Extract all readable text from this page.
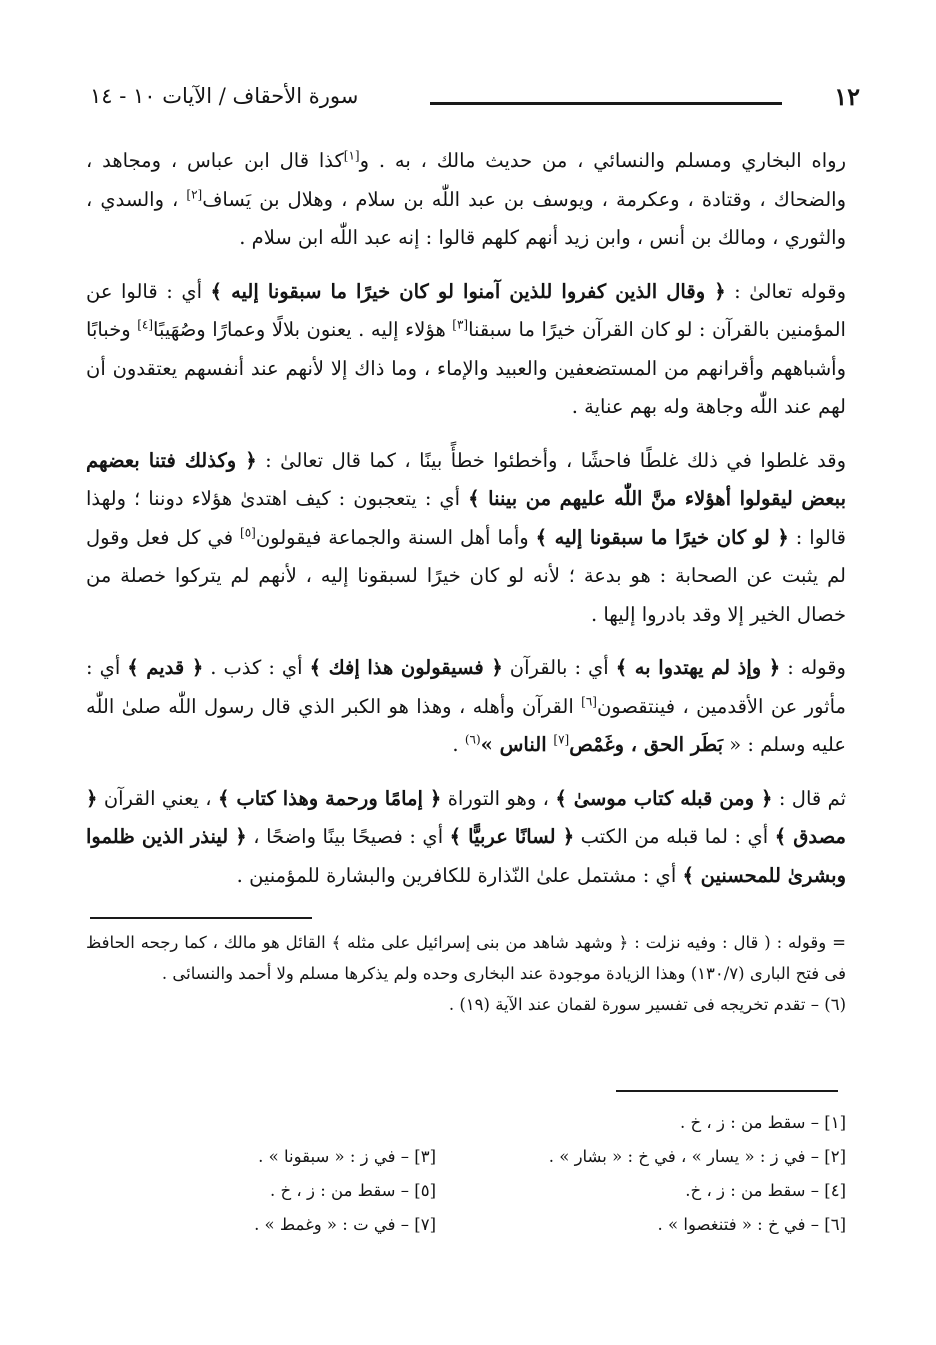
١٢
سورة الأحقاف / الآيات ١٠ - ١٤

رواه البخاري ومسلم والنسائي ، من حديث مالك ، به . و[١]كذا قال ابن عباس ، ومجاهد ، والضحاك ، وقتادة ، وعكرمة ، ويوسف بن عبد اللّٰه بن سلام ، وهلال بن يَساف[٢] ، والسدي ، والثوري ، ومالك بن أنس ، وابن زيد أنهم كلهم قالوا : إنه عبد اللّٰه ابن سلام .

وقوله تعالىٰ : ﴿ وقال الذين كفروا للذين آمنوا لو كان خيرًا ما سبقونا إليه ﴾ أي : قالوا عن المؤمنين بالقرآن : لو كان القرآن خيرًا ما سبقنا[٣] هؤلاء إليه . يعنون بلالًا وعمارًا وصُهَيبًا[٤] وخبابًا وأشباههم وأقرانهم من المستضعفين والعبيد والإماء ، وما ذاك إلا لأنهم عند أنفسهم يعتقدون أن لهم عند اللّٰه وجاهة وله بهم عناية .

وقد غلطوا في ذلك غلطًا فاحشًا ، وأخطئوا خطأً بينًا ، كما قال تعالىٰ : ﴿ وكذلك فتنا بعضهم ببعض ليقولوا أهؤلاء منَّ اللّٰه عليهم من بيننا ﴾ أي : يتعجبون : كيف اهتدىٰ هؤلاء دوننا ؛ ولهذا قالوا : ﴿ لو كان خيرًا ما سبقونا إليه ﴾ وأما أهل السنة والجماعة فيقولون[٥] في كل فعل وقول لم يثبت عن الصحابة : هو بدعة ؛ لأنه لو كان خيرًا لسبقونا إليه ، لأنهم لم يتركوا خصلة من خصال الخير إلا وقد بادروا إليها .

وقوله : ﴿ وإذ لم يهتدوا به ﴾ أي : بالقرآن ﴿ فسيقولون هذا إفك ﴾ أي : كذب . ﴿ قديم ﴾ أي : مأثور عن الأقدمين ، فينتقصون[٦] القرآن وأهله ، وهذا هو الكبر الذي قال رسول اللّٰه صلىٰ اللّٰه عليه وسلم : « بَطَر الحق ، وغَمْص[٧] الناس »$^{(٦)}$ .

ثم قال : ﴿ ومن قبله كتاب موسىٰ ﴾ ، وهو التوراة ﴿ إمامًا ورحمة وهذا كتاب ﴾ ، يعني القرآن ﴿ مصدق ﴾ أي : لما قبله من الكتب ﴿ لسانًا عربيًّا ﴾ أي : فصيحًا بينًا واضحًا ، ﴿ لينذر الذين ظلموا وبشرىٰ للمحسنين ﴾ أي : مشتمل علىٰ النّذارة للكافرين والبشارة للمؤمنين .

= وقوله : ( قال : وفيه نزلت : ﴿ وشهد شاهد من بنى إسرائيل على مثله ﴾ القائل هو مالك ، كما رجحه الحافظ فى فتح البارى (١٣٠/٧) وهذا الزيادة موجودة عند البخارى وحده ولم يذكرها مسلم ولا أحمد والنسائى .

(٦) – تقدم تخريجه فى تفسير سورة لقمان عند الآية (١٩) .

[١] – سقط من : ز ، خ .
[٢] – في ز : « يسار » ، في خ : « بشار » .
[٤] – سقط من : ز ، خ.
[٦] – في خ : « فتنغصوا » .
[٣] – في ز : « سبقونا » .
[٥] – سقط من : ز ، خ .
[٧] – في ت : « وغمط » .
